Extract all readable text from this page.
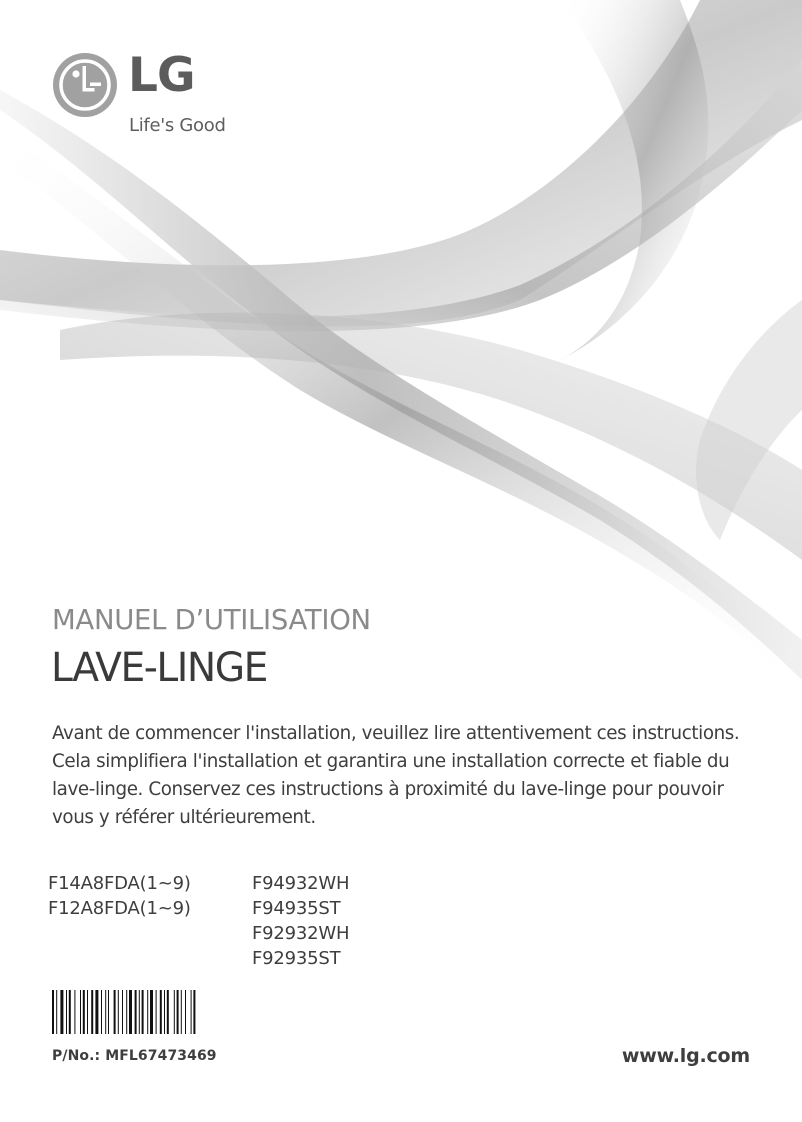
LG
Life's Good
MANUEL D’UTILISATION
LAVE-LINGE
Avant de commencer l'installation, veuillez lire attentivement ces instructions.
Cela simplifiera l'installation et garantira une installation correcte et fiable du
lave-linge. Conservez ces instructions à proximité du lave-linge pour pouvoir
vous y référer ultérieurement.
F14A8FDA(1~9)
F12A8FDA(1~9)
F94932WH
F94935ST
F92932WH
F92935ST
P/No.: MFL67473469	www.lg.com
